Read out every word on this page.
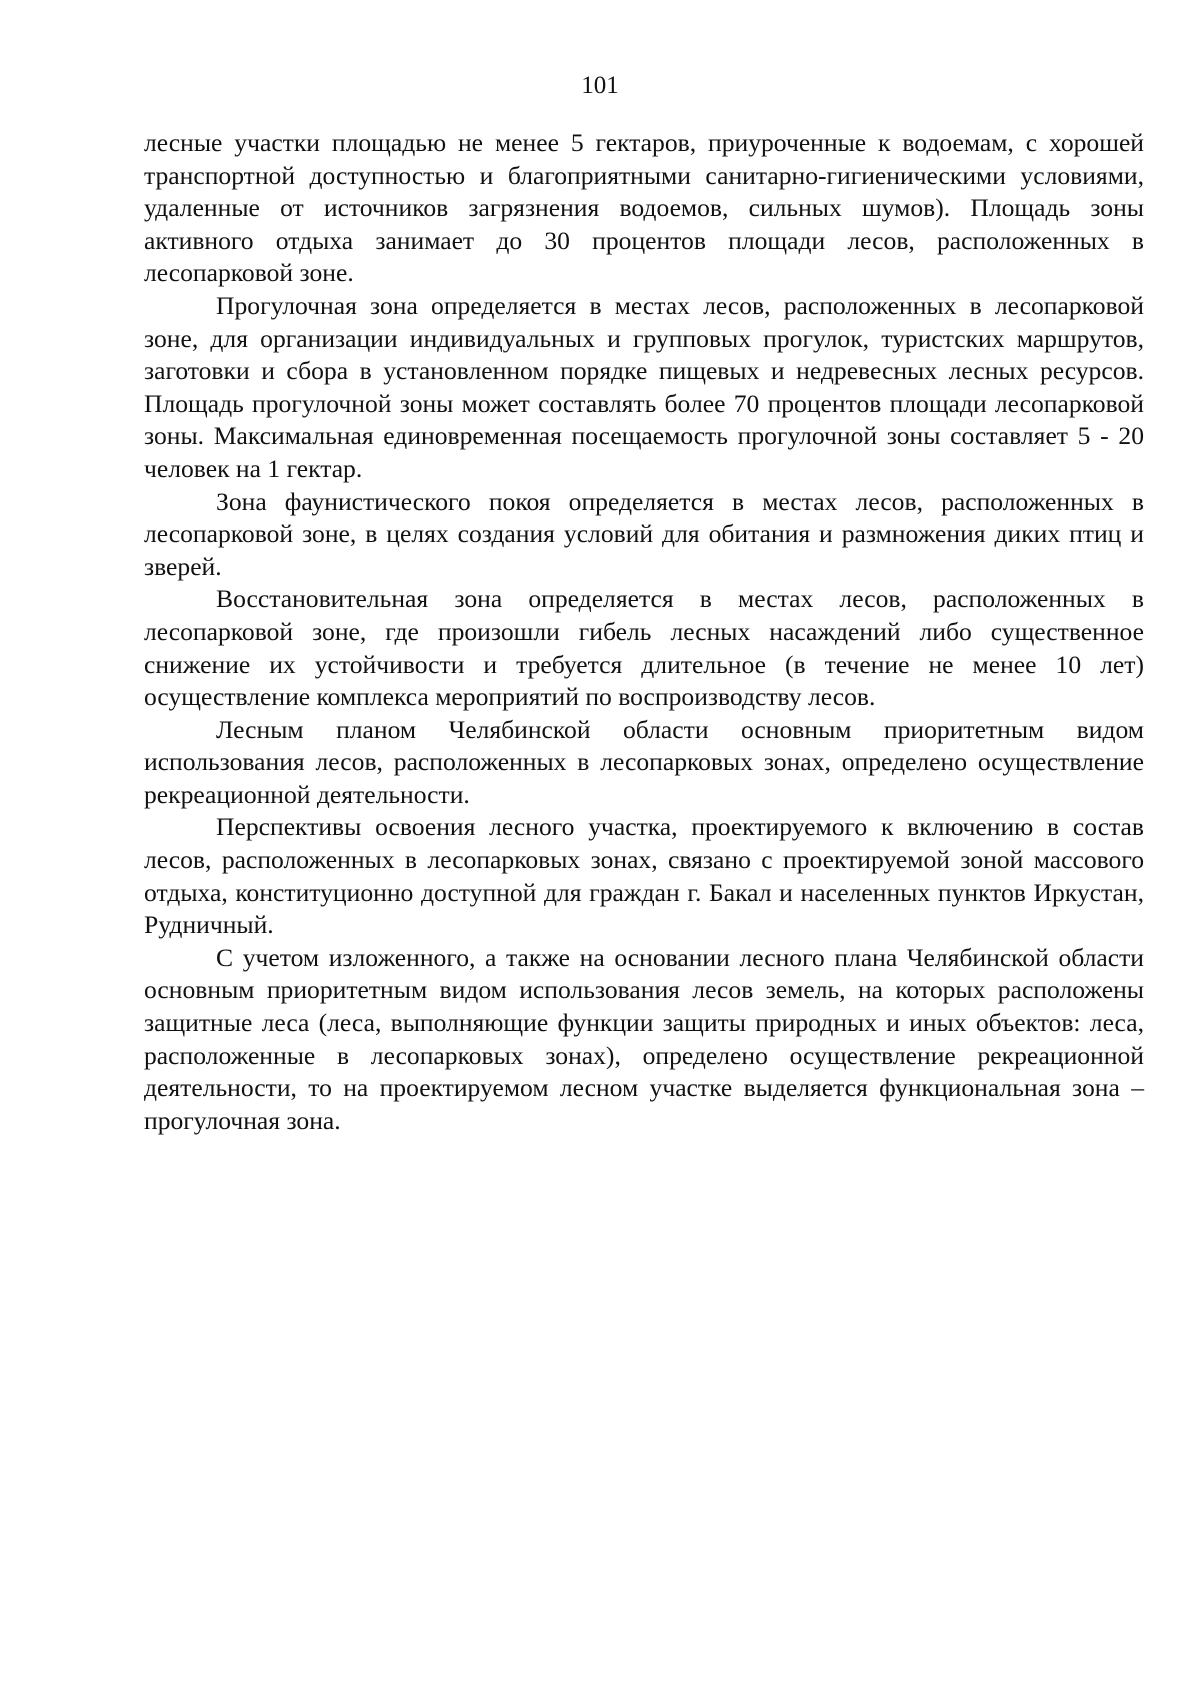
101

лесные участки площадью не менее 5 гектаров, приуроченные к водоемам, с хорошей транспортной доступностью и благоприятными санитарно-гигиеническими условиями, удаленные от источников загрязнения водоемов, сильных шумов). Площадь зоны активного отдыха занимает до 30 процентов площади лесов, расположенных в лесопарковой зоне.

Прогулочная зона определяется в местах лесов, расположенных в лесопарковой зоне, для организации индивидуальных и групповых прогулок, туристских маршрутов, заготовки и сбора в установленном порядке пищевых и недревесных лесных ресурсов. Площадь прогулочной зоны может составлять более 70 процентов площади лесопарковой зоны. Максимальная единовременная посещаемость прогулочной зоны составляет 5 - 20 человек на 1 гектар.

Зона фаунистического покоя определяется в местах лесов, расположенных в лесопарковой зоне, в целях создания условий для обитания и размножения диких птиц и зверей.

Восстановительная зона определяется в местах лесов, расположенных в лесопарковой зоне, где произошли гибель лесных насаждений либо существенное снижение их устойчивости и требуется длительное (в течение не менее 10 лет) осуществление комплекса мероприятий по воспроизводству лесов.

Лесным планом Челябинской области основным приоритетным видом использования лесов, расположенных в лесопарковых зонах, определено осуществление рекреационной деятельности.

Перспективы освоения лесного участка, проектируемого к включению в состав лесов, расположенных в лесопарковых зонах, связано с проектируемой зоной массового отдыха, конституционно доступной для граждан г. Бакал и населенных пунктов Иркустан, Рудничный.

С учетом изложенного, а также на основании лесного плана Челябинской области основным приоритетным видом использования лесов земель, на которых расположены защитные леса (леса, выполняющие функции защиты природных и иных объектов: леса, расположенные в лесопарковых зонах), определено осуществление рекреационной деятельности, то на проектируемом лесном участке выделяется функциональная зона – прогулочная зона.
